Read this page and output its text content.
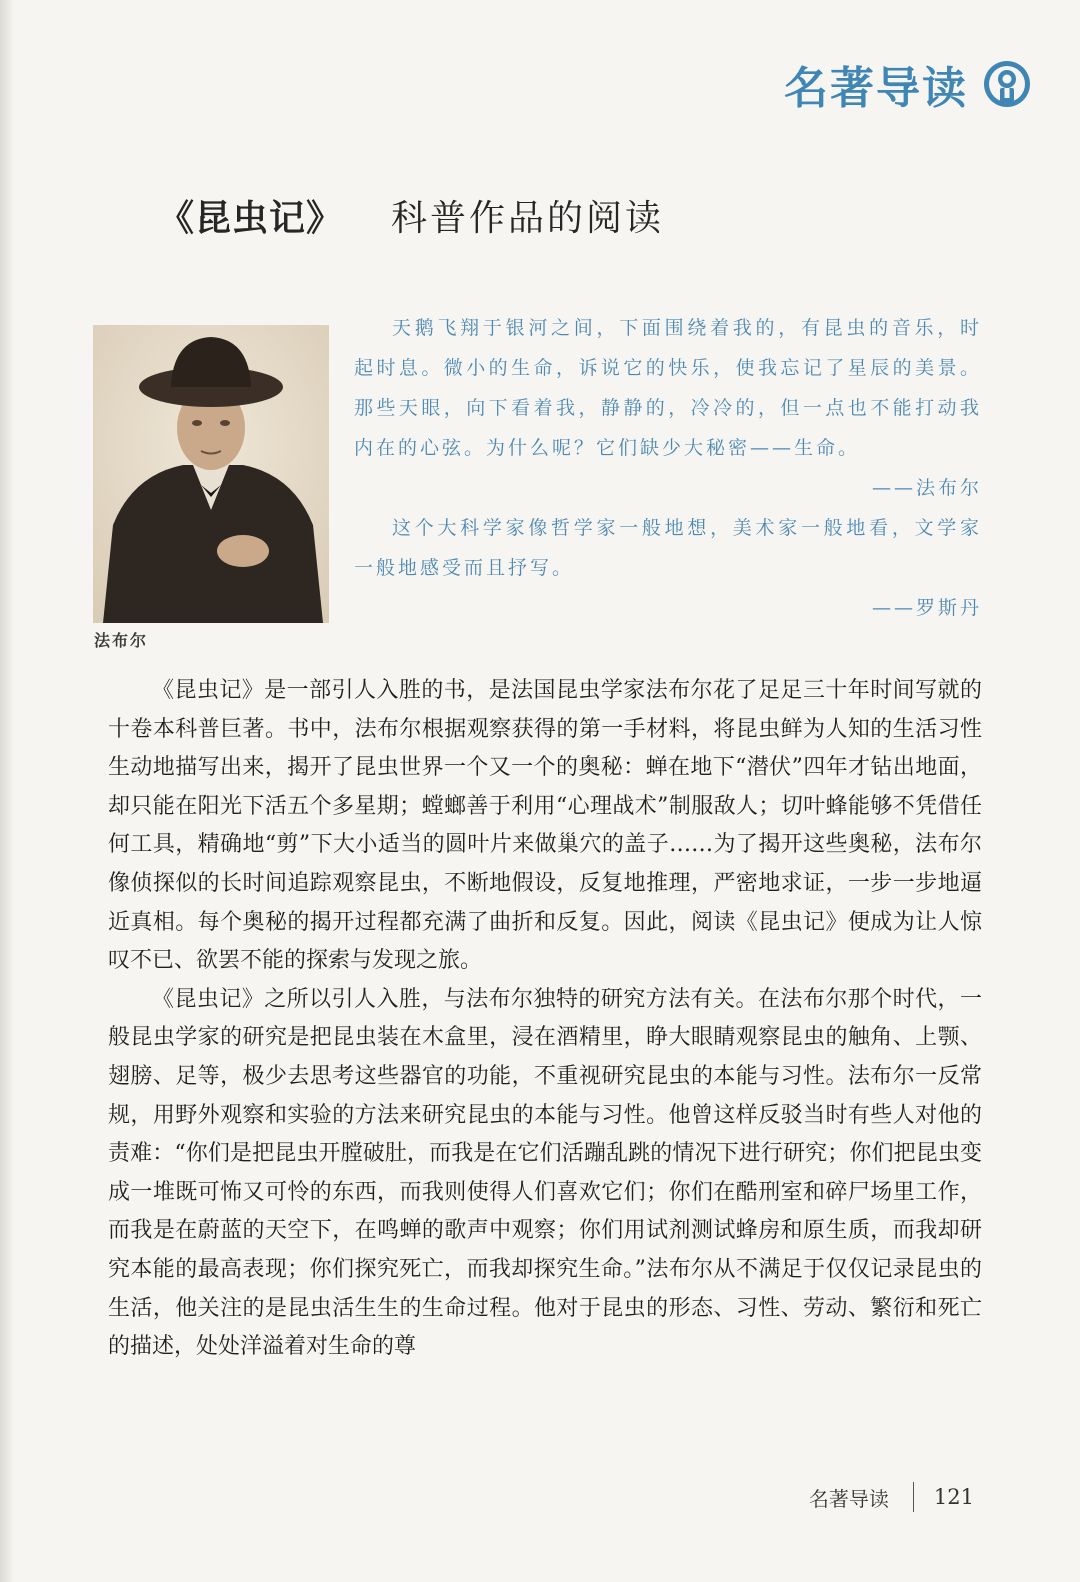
名著导读
《昆虫记》 科普作品的阅读
法布尔

天鹅飞翔于银河之间，下面围绕着我的，有昆虫的音乐，时起时息。微小的生命，诉说它的快乐，使我忘记了星辰的美景。那些天眼，向下看着我，静静的，冷冷的，但一点也不能打动我内在的心弦。为什么呢？它们缺少大秘密——生命。

——法布尔

这个大科学家像哲学家一般地想，美术家一般地看，文学家一般地感受而且抒写。

——罗斯丹

《昆虫记》是一部引人入胜的书，是法国昆虫学家法布尔花了足足三十年时间写就的十卷本科普巨著。书中，法布尔根据观察获得的第一手材料，将昆虫鲜为人知的生活习性生动地描写出来，揭开了昆虫世界一个又一个的奥秘：蝉在地下“潜伏”四年才钻出地面，却只能在阳光下活五个多星期；螳螂善于利用“心理战术”制服敌人；切叶蜂能够不凭借任何工具，精确地“剪”下大小适当的圆叶片来做巢穴的盖子……为了揭开这些奥秘，法布尔像侦探似的长时间追踪观察昆虫，不断地假设，反复地推理，严密地求证，一步一步地逼近真相。每个奥秘的揭开过程都充满了曲折和反复。因此，阅读《昆虫记》便成为让人惊叹不已、欲罢不能的探索与发现之旅。

《昆虫记》之所以引人入胜，与法布尔独特的研究方法有关。在法布尔那个时代，一般昆虫学家的研究是把昆虫装在木盒里，浸在酒精里，睁大眼睛观察昆虫的触角、上颚、翅膀、足等，极少去思考这些器官的功能，不重视研究昆虫的本能与习性。法布尔一反常规，用野外观察和实验的方法来研究昆虫的本能与习性。他曾这样反驳当时有些人对他的责难：“你们是把昆虫开膛破肚，而我是在它们活蹦乱跳的情况下进行研究；你们把昆虫变成一堆既可怖又可怜的东西，而我则使得人们喜欢它们；你们在酷刑室和碎尸场里工作，而我是在蔚蓝的天空下，在鸣蝉的歌声中观察；你们用试剂测试蜂房和原生质，而我却研究本能的最高表现；你们探究死亡，而我却探究生命。”法布尔从不满足于仅仅记录昆虫的生活，他关注的是昆虫活生生的生命过程。他对于昆虫的形态、习性、劳动、繁衍和死亡的描述，处处洋溢着对生命的尊

名著导读 121
